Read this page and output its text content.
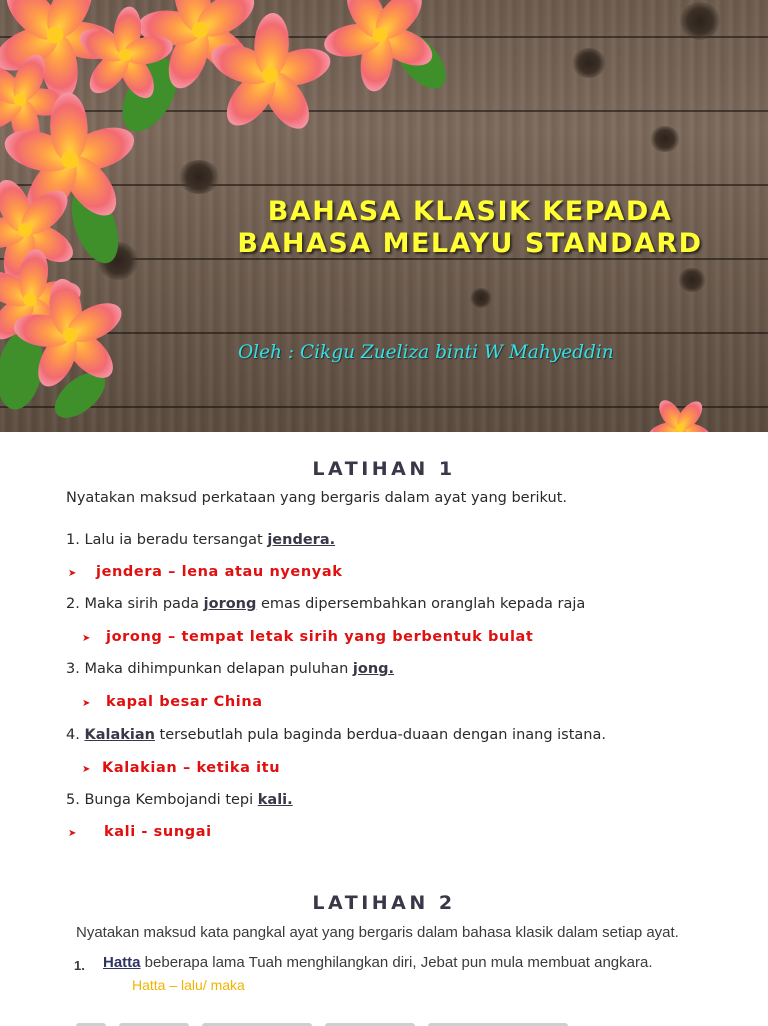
BAHASA KLASIK KEPADA
BAHASA MELAYU STANDARD
Oleh : Cikgu Zueliza binti W Mahyeddin
LATIHAN 1
Nyatakan maksud perkataan yang bergaris dalam ayat yang berikut.
1. Lalu ia beradu tersangat jendera.
➤ jendera – lena atau nyenyak
2. Maka sirih pada jorong emas dipersembahkan oranglah kepada raja
➤ jorong – tempat letak sirih yang berbentuk bulat
3. Maka dihimpunkan delapan puluhan jong.
➤ kapal besar China
4. Kalakian tersebutlah pula baginda berdua-duaan dengan inang istana.
➤ Kalakian – ketika itu
5. Bunga Kembojandi tepi kali.
➤ kali - sungai
LATIHAN 2
Nyatakan maksud kata pangkal ayat yang bergaris dalam bahasa klasik dalam setiap ayat.
1. Hatta beberapa lama Tuah menghilangkan diri, Jebat pun mula membuat angkara.
Hatta – lalu/ maka
